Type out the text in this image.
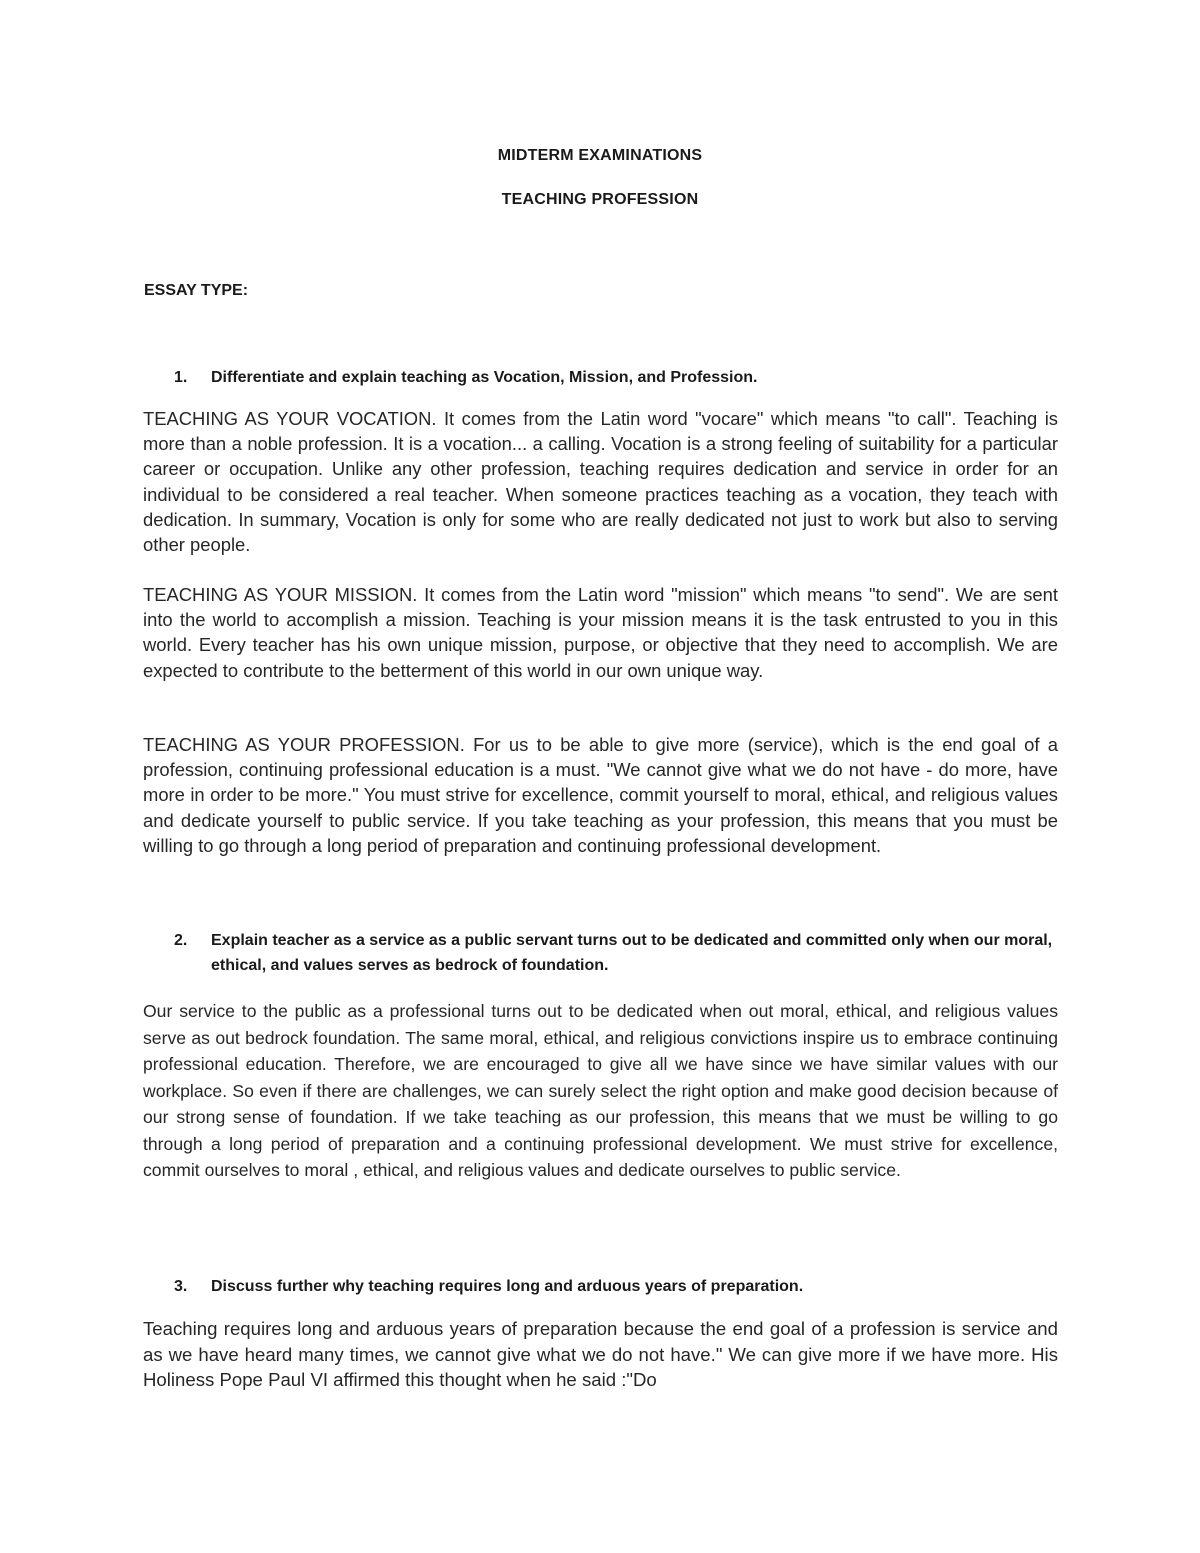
MIDTERM EXAMINATIONS
TEACHING PROFESSION
ESSAY TYPE:
1. Differentiate and explain teaching as Vocation, Mission, and Profession.

TEACHING AS YOUR VOCATION. It comes from the Latin word "vocare" which means "to call". Teaching is more than a noble profession. It is a vocation... a calling. Vocation is a strong feeling of suitability for a particular career or occupation. Unlike any other profession, teaching requires dedication and service in order for an individual to be considered a real teacher. When someone practices teaching as a vocation, they teach with dedication. In summary, Vocation is only for some who are really dedicated not just to work but also to serving other people.

TEACHING AS YOUR MISSION. It comes from the Latin word "mission" which means "to send". We are sent into the world to accomplish a mission. Teaching is your mission means it is the task entrusted to you in this world. Every teacher has his own unique mission, purpose, or objective that they need to accomplish. We are expected to contribute to the betterment of this world in our own unique way.

TEACHING AS YOUR PROFESSION. For us to be able to give more (service), which is the end goal of a profession, continuing professional education is a must. "We cannot give what we do not have - do more, have more in order to be more." You must strive for excellence, commit yourself to moral, ethical, and religious values and dedicate yourself to public service. If you take teaching as your profession, this means that you must be willing to go through a long period of preparation and continuing professional development.

2. Explain teacher as a service as a public servant turns out to be dedicated and committed only when our moral, ethical, and values serves as bedrock of foundation.

Our service to the public as a professional turns out to be dedicated when out moral, ethical, and religious values serve as out bedrock foundation. The same moral, ethical, and religious convictions inspire us to embrace continuing professional education. Therefore, we are encouraged to give all we have since we have similar values with our workplace. So even if there are challenges, we can surely select the right option and make good decision because of our strong sense of foundation. If we take teaching as our profession, this means that we must be willing to go through a long period of preparation and a continuing professional development. We must strive for excellence, commit ourselves to moral , ethical, and religious values and dedicate ourselves to public service.

3. Discuss further why teaching requires long and arduous years of preparation.

Teaching requires long and arduous years of preparation because the end goal of a profession is service and as we have heard many times, we cannot give what we do not have." We can give more if we have more. His Holiness Pope Paul VI affirmed this thought when he said :"Do
